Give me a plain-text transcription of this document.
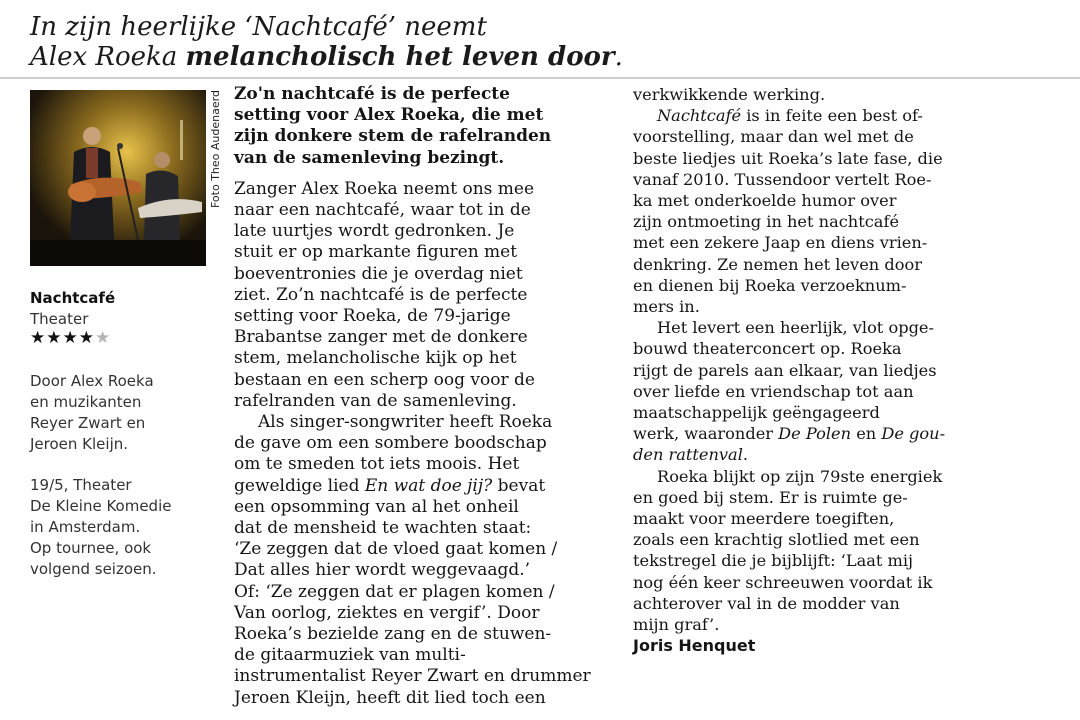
In zijn heerlijke ‘Nachtcafé’ neemt
Alex Roeka melancholisch het leven door.
Foto Theo Audenaerd
Nachtcafé
Theater
★★★★★
Door Alex Roeka
en muzikanten
Reyer Zwart en
Jeroen Kleijn.
19/5, Theater
De Kleine Komedie
in Amsterdam.
Op tournee, ook
volgend seizoen.
Zo'n nachtcafé is de perfecte
setting voor Alex Roeka, die met
zijn donkere stem de rafelranden
van de samenleving bezingt.
Zanger Alex Roeka neemt ons mee
naar een nachtcafé, waar tot in de
late uurtjes wordt gedronken. Je
stuit er op markante figuren met
boeventronies die je overdag niet
ziet. Zo’n nachtcafé is de perfecte
setting voor Roeka, de 79-jarige
Brabantse zanger met de donkere
stem, melancholische kijk op het
bestaan en een scherp oog voor de
rafelranden van de samenleving.
Als singer-songwriter heeft Roeka
de gave om een sombere boodschap
om te smeden tot iets moois. Het
geweldige lied En wat doe jij? bevat
een opsomming van al het onheil
dat de mensheid te wachten staat:
‘Ze zeggen dat de vloed gaat komen /
Dat alles hier wordt weggevaagd.’
Of: ‘Ze zeggen dat er plagen komen /
Van oorlog, ziektes en vergif’. Door
Roeka’s bezielde zang en de stuwen-
de gitaarmuziek van multi-
instrumentalist Reyer Zwart en drummer
Jeroen Kleijn, heeft dit lied toch een
verkwikkende werking.
Nachtcafé is in feite een best of-
voorstelling, maar dan wel met de
beste liedjes uit Roeka’s late fase, die
vanaf 2010. Tussendoor vertelt Roe-
ka met onderkoelde humor over
zijn ontmoeting in het nachtcafé
met een zekere Jaap en diens vrien-
denkring. Ze nemen het leven door
en dienen bij Roeka verzoeknum-
mers in.
Het levert een heerlijk, vlot opge-
bouwd theaterconcert op. Roeka
rijgt de parels aan elkaar, van liedjes
over liefde en vriendschap tot aan
maatschappelijk geëngageerd
werk, waaronder De Polen en De gou-
den rattenval.
Roeka blijkt op zijn 79ste energiek
en goed bij stem. Er is ruimte ge-
maakt voor meerdere toegiften,
zoals een krachtig slotlied met een
tekstregel die je bijblijft: ‘Laat mij
nog één keer schreeuwen voordat ik
achterover val in de modder van
mijn graf’.
Joris Henquet
